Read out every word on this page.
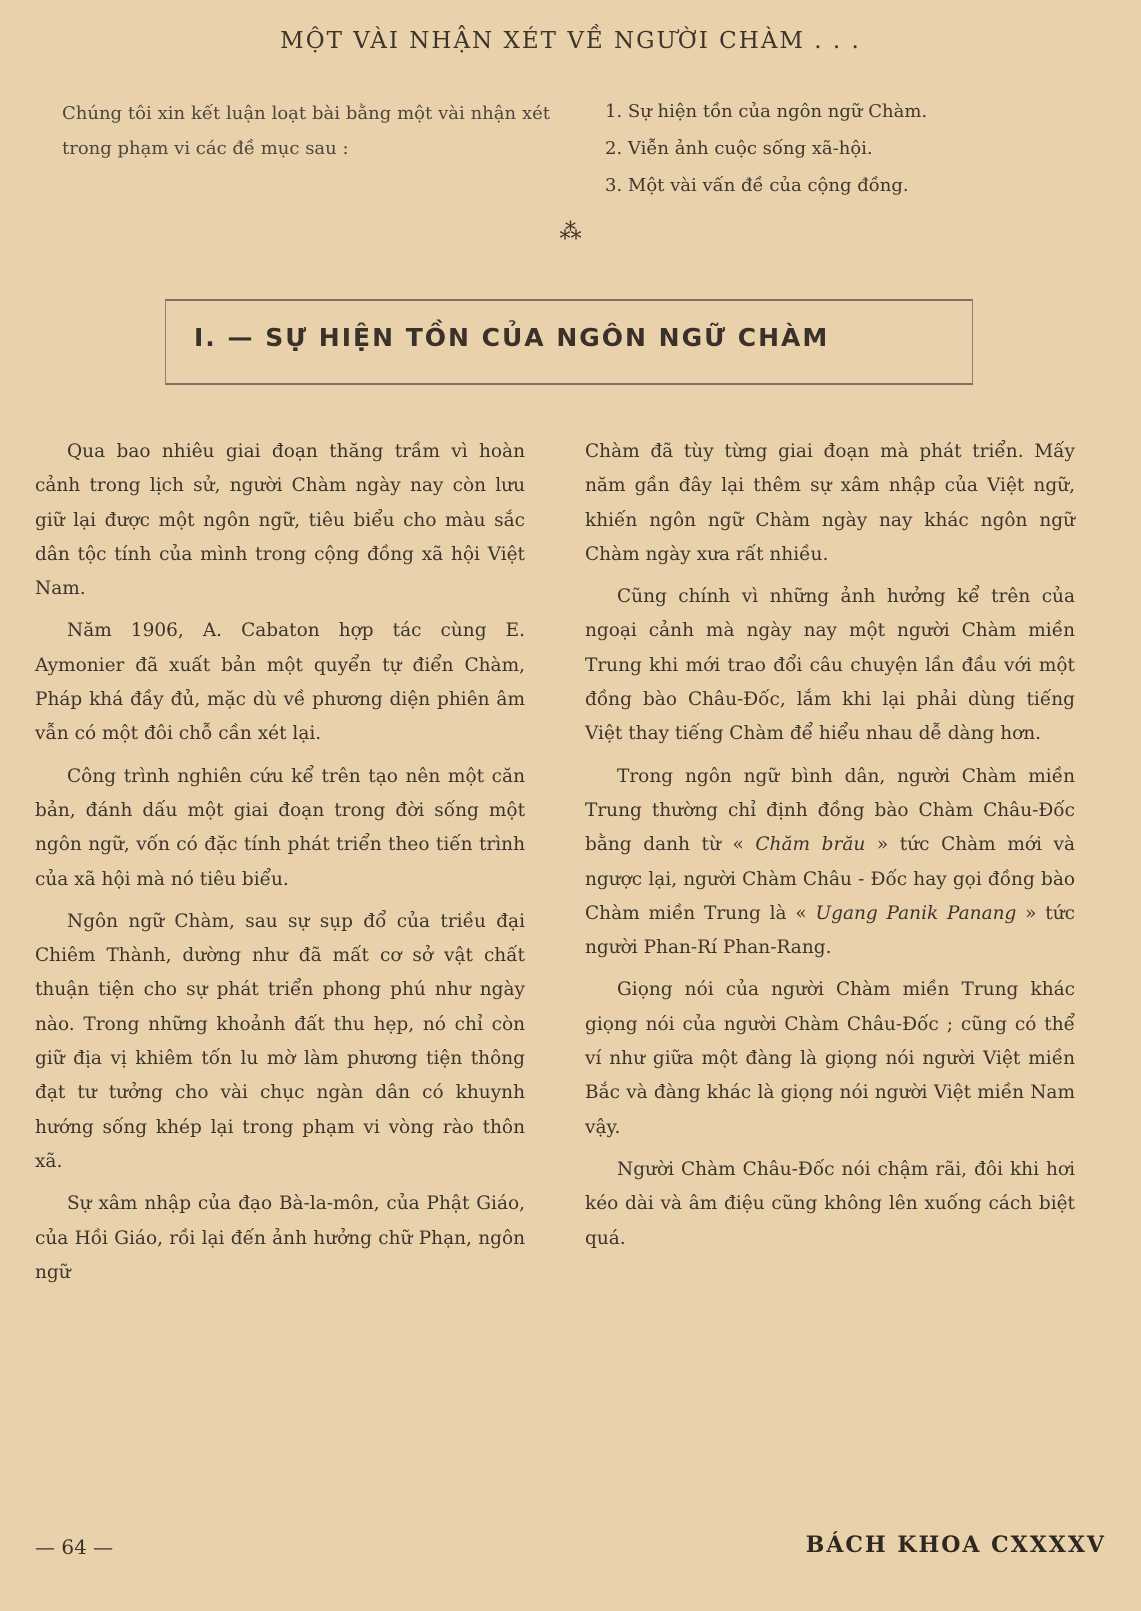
MỘT VÀI NHẬN XÉT VỀ NGƯỜI CHÀM . . .
Chúng tôi xin kết luận loạt bài bằng một vài nhận xét trong phạm vi các đề mục sau :
1. Sự hiện tồn của ngôn ngữ Chàm.
2. Viễn ảnh cuộc sống xã-hội.
3. Một vài vấn đề của cộng đồng.
⁂
I. — SỰ HIỆN TỒN CỦA NGÔN NGỮ CHÀM

Qua bao nhiêu giai đoạn thăng trầm vì hoàn cảnh trong lịch sử, người Chàm ngày nay còn lưu giữ lại được một ngôn ngữ, tiêu biểu cho màu sắc dân tộc tính của mình trong cộng đồng xã hội Việt Nam.

Năm 1906, A. Cabaton hợp tác cùng E. Aymonier đã xuất bản một quyển tự điển Chàm, Pháp khá đầy đủ, mặc dù về phương diện phiên âm vẫn có một đôi chỗ cần xét lại.

Công trình nghiên cứu kể trên tạo nên một căn bản, đánh dấu một giai đoạn trong đời sống một ngôn ngữ, vốn có đặc tính phát triển theo tiến trình của xã hội mà nó tiêu biểu.

Ngôn ngữ Chàm, sau sự sụp đổ của triều đại Chiêm Thành, dường như đã mất cơ sở vật chất thuận tiện cho sự phát triển phong phú như ngày nào. Trong những khoảnh đất thu hẹp, nó chỉ còn giữ địa vị khiêm tốn lu mờ làm phương tiện thông đạt tư tưởng cho vài chục ngàn dân có khuynh hướng sống khép lại trong phạm vi vòng rào thôn xã.

Sự xâm nhập của đạo Bà-la-môn, của Phật Giáo, của Hồi Giáo, rồi lại đến ảnh hưởng chữ Phạn, ngôn ngữ

Chàm đã tùy từng giai đoạn mà phát triển. Mấy năm gần đây lại thêm sự xâm nhập của Việt ngữ, khiến ngôn ngữ Chàm ngày nay khác ngôn ngữ Chàm ngày xưa rất nhiều.

Cũng chính vì những ảnh hưởng kể trên của ngoại cảnh mà ngày nay một người Chàm miền Trung khi mới trao đổi câu chuyện lần đầu với một đồng bào Châu-Đốc, lắm khi lại phải dùng tiếng Việt thay tiếng Chàm để hiểu nhau dễ dàng hơn.

Trong ngôn ngữ bình dân, người Chàm miền Trung thường chỉ định đồng bào Chàm Châu-Đốc bằng danh từ « Chăm brău » tức Chàm mới và ngược lại, người Chàm Châu - Đốc hay gọi đồng bào Chàm miền Trung là « Ugang Panik Panang » tức người Phan-Rí Phan-Rang.

Giọng nói của người Chàm miền Trung khác giọng nói của người Chàm Châu-Đốc ; cũng có thể ví như giữa một đàng là giọng nói người Việt miền Bắc và đàng khác là giọng nói người Việt miền Nam vậy.

Người Chàm Châu-Đốc nói chậm rãi, đôi khi hơi kéo dài và âm điệu cũng không lên xuống cách biệt quá.

— 64 —	BÁCH KHOA CXXXXV
